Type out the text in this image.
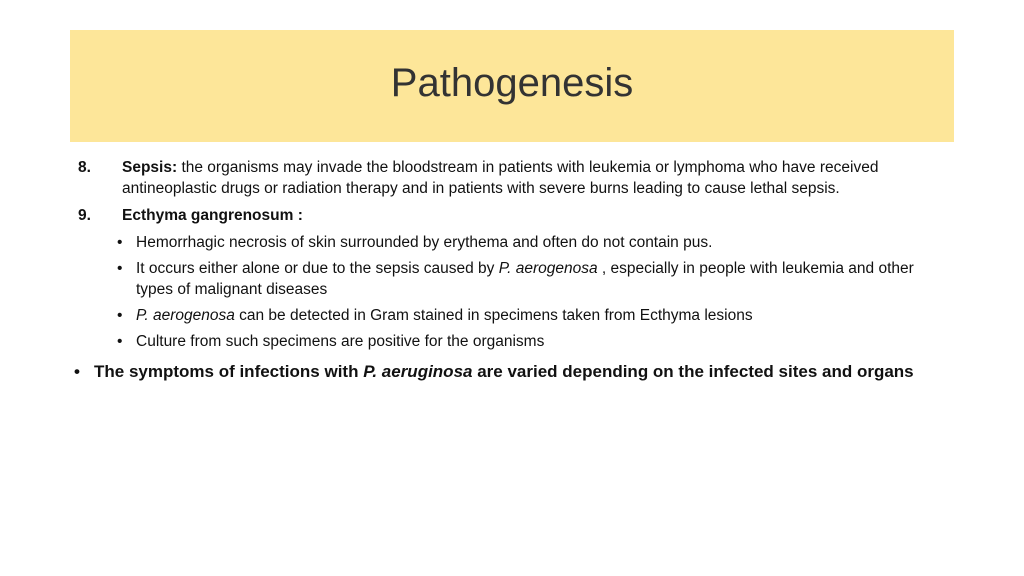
Pathogenesis
8.	Sepsis: the organisms may invade the bloodstream in patients with leukemia or lymphoma who have received antineoplastic drugs or radiation therapy and in patients with severe burns leading to cause lethal sepsis.
9.	Ecthyma gangrenosum :
• Hemorrhagic necrosis of skin surrounded by erythema and often do not contain pus.
• It occurs either alone or due to the sepsis caused by P. aerogenosa , especially in people with leukemia and other types of malignant diseases
• P. aerogenosa can be detected in Gram stained in specimens taken from Ecthyma lesions
• Culture from such specimens are positive for the organisms
• The symptoms of infections with P. aeruginosa are varied depending on the infected sites and organs
